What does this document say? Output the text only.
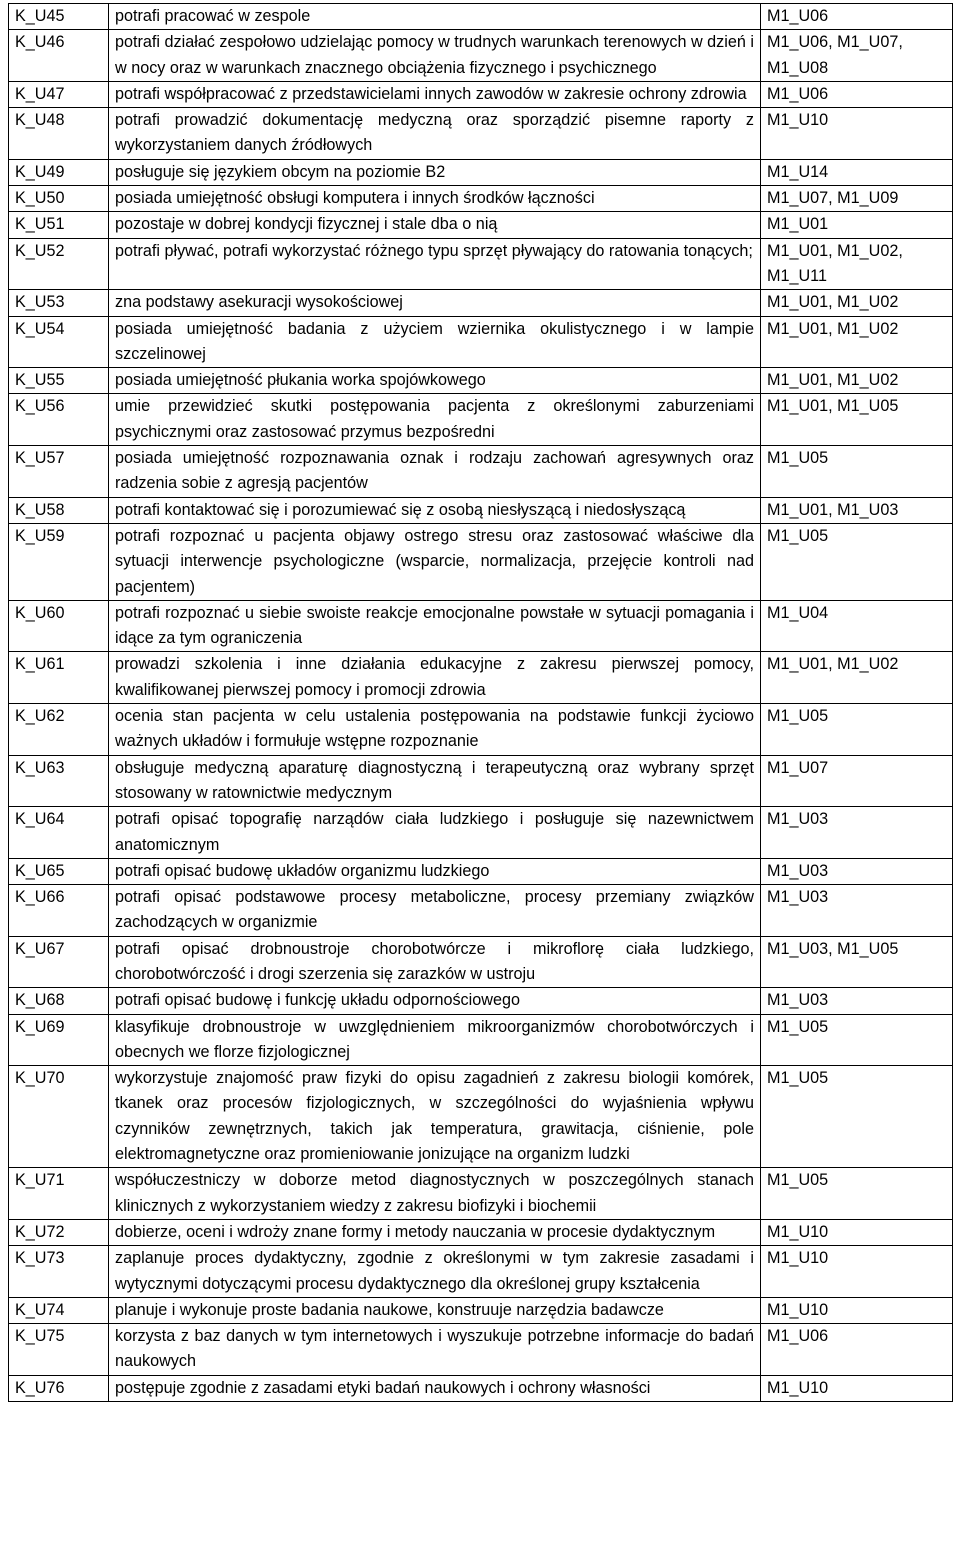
K_U45	potrafi pracować w zespole	M1_U06
K_U46	potrafi działać zespołowo udzielając pomocy w trudnych warunkach terenowych w dzień i w nocy oraz w warunkach znacznego obciążenia fizycznego i psychicznego	M1_U06, M1_U07, M1_U08
K_U47	potrafi współpracować z przedstawicielami innych zawodów w zakresie ochrony zdrowia	M1_U06
K_U48	potrafi prowadzić dokumentację medyczną oraz sporządzić pisemne raporty z wykorzystaniem danych źródłowych	M1_U10
K_U49	posługuje się językiem obcym na poziomie B2	M1_U14
K_U50	posiada umiejętność obsługi komputera i innych środków łączności	M1_U07, M1_U09
K_U51	pozostaje w dobrej kondycji fizycznej i stale dba o nią	M1_U01
K_U52	potrafi pływać, potrafi wykorzystać różnego typu sprzęt pływający do ratowania tonących;	M1_U01, M1_U02, M1_U11
K_U53	zna podstawy asekuracji wysokościowej	M1_U01, M1_U02
K_U54	posiada umiejętność badania z użyciem wziernika okulistycznego i w lampie szczelinowej	M1_U01, M1_U02
K_U55	posiada umiejętność płukania worka spojówkowego	M1_U01, M1_U02
K_U56	umie przewidzieć skutki postępowania pacjenta z określonymi zaburzeniami psychicznymi oraz zastosować przymus bezpośredni	M1_U01, M1_U05
K_U57	posiada umiejętność rozpoznawania oznak i rodzaju zachowań agresywnych oraz radzenia sobie z agresją pacjentów	M1_U05
K_U58	potrafi kontaktować się i porozumiewać się z osobą niesłyszącą i niedosłyszącą	M1_U01, M1_U03
K_U59	potrafi rozpoznać u pacjenta objawy ostrego stresu oraz zastosować właściwe dla sytuacji interwencje psychologiczne (wsparcie, normalizacja, przejęcie kontroli nad pacjentem)	M1_U05
K_U60	potrafi rozpoznać u siebie swoiste reakcje emocjonalne powstałe w sytuacji pomagania i idące za tym ograniczenia	M1_U04
K_U61	prowadzi szkolenia i inne działania edukacyjne z zakresu pierwszej pomocy, kwalifikowanej pierwszej pomocy i promocji zdrowia	M1_U01, M1_U02
K_U62	ocenia stan pacjenta w celu ustalenia postępowania na podstawie funkcji życiowo ważnych układów i formułuje wstępne rozpoznanie	M1_U05
K_U63	obsługuje medyczną aparaturę diagnostyczną i terapeutyczną oraz wybrany sprzęt stosowany w ratownictwie medycznym	M1_U07
K_U64	potrafi opisać topografię narządów ciała ludzkiego i posługuje się nazewnictwem anatomicznym	M1_U03
K_U65	potrafi opisać budowę układów organizmu ludzkiego	M1_U03
K_U66	potrafi opisać podstawowe procesy metaboliczne, procesy przemiany związków zachodzących w organizmie	M1_U03
K_U67	potrafi opisać drobnoustroje chorobotwórcze i mikroflorę ciała ludzkiego, chorobotwórczość i drogi szerzenia się zarazków w ustroju	M1_U03, M1_U05
K_U68	potrafi opisać budowę i funkcję układu odpornościowego	M1_U03
K_U69	klasyfikuje drobnoustroje w uwzględnieniem mikroorganizmów chorobotwórczych i obecnych we florze fizjologicznej	M1_U05
K_U70	wykorzystuje znajomość praw fizyki do opisu zagadnień z zakresu biologii komórek, tkanek oraz procesów fizjologicznych, w szczególności do wyjaśnienia wpływu czynników zewnętrznych, takich jak temperatura, grawitacja, ciśnienie, pole elektromagnetyczne oraz promieniowanie jonizujące na organizm ludzki	M1_U05
K_U71	współuczestniczy w doborze metod diagnostycznych w poszczególnych stanach klinicznych z wykorzystaniem wiedzy z zakresu biofizyki i biochemii	M1_U05
K_U72	dobierze, oceni i wdroży znane formy i metody nauczania w procesie dydaktycznym	M1_U10
K_U73	zaplanuje proces dydaktyczny, zgodnie z określonymi w tym zakresie zasadami i wytycznymi dotyczącymi procesu dydaktycznego dla określonej grupy kształcenia	M1_U10
K_U74	planuje i wykonuje proste badania naukowe, konstruuje narzędzia badawcze	M1_U10
K_U75	korzysta z baz danych w tym internetowych i wyszukuje potrzebne informacje do badań naukowych	M1_U06
K_U76	postępuje zgodnie z zasadami etyki badań naukowych i ochrony własności	M1_U10
